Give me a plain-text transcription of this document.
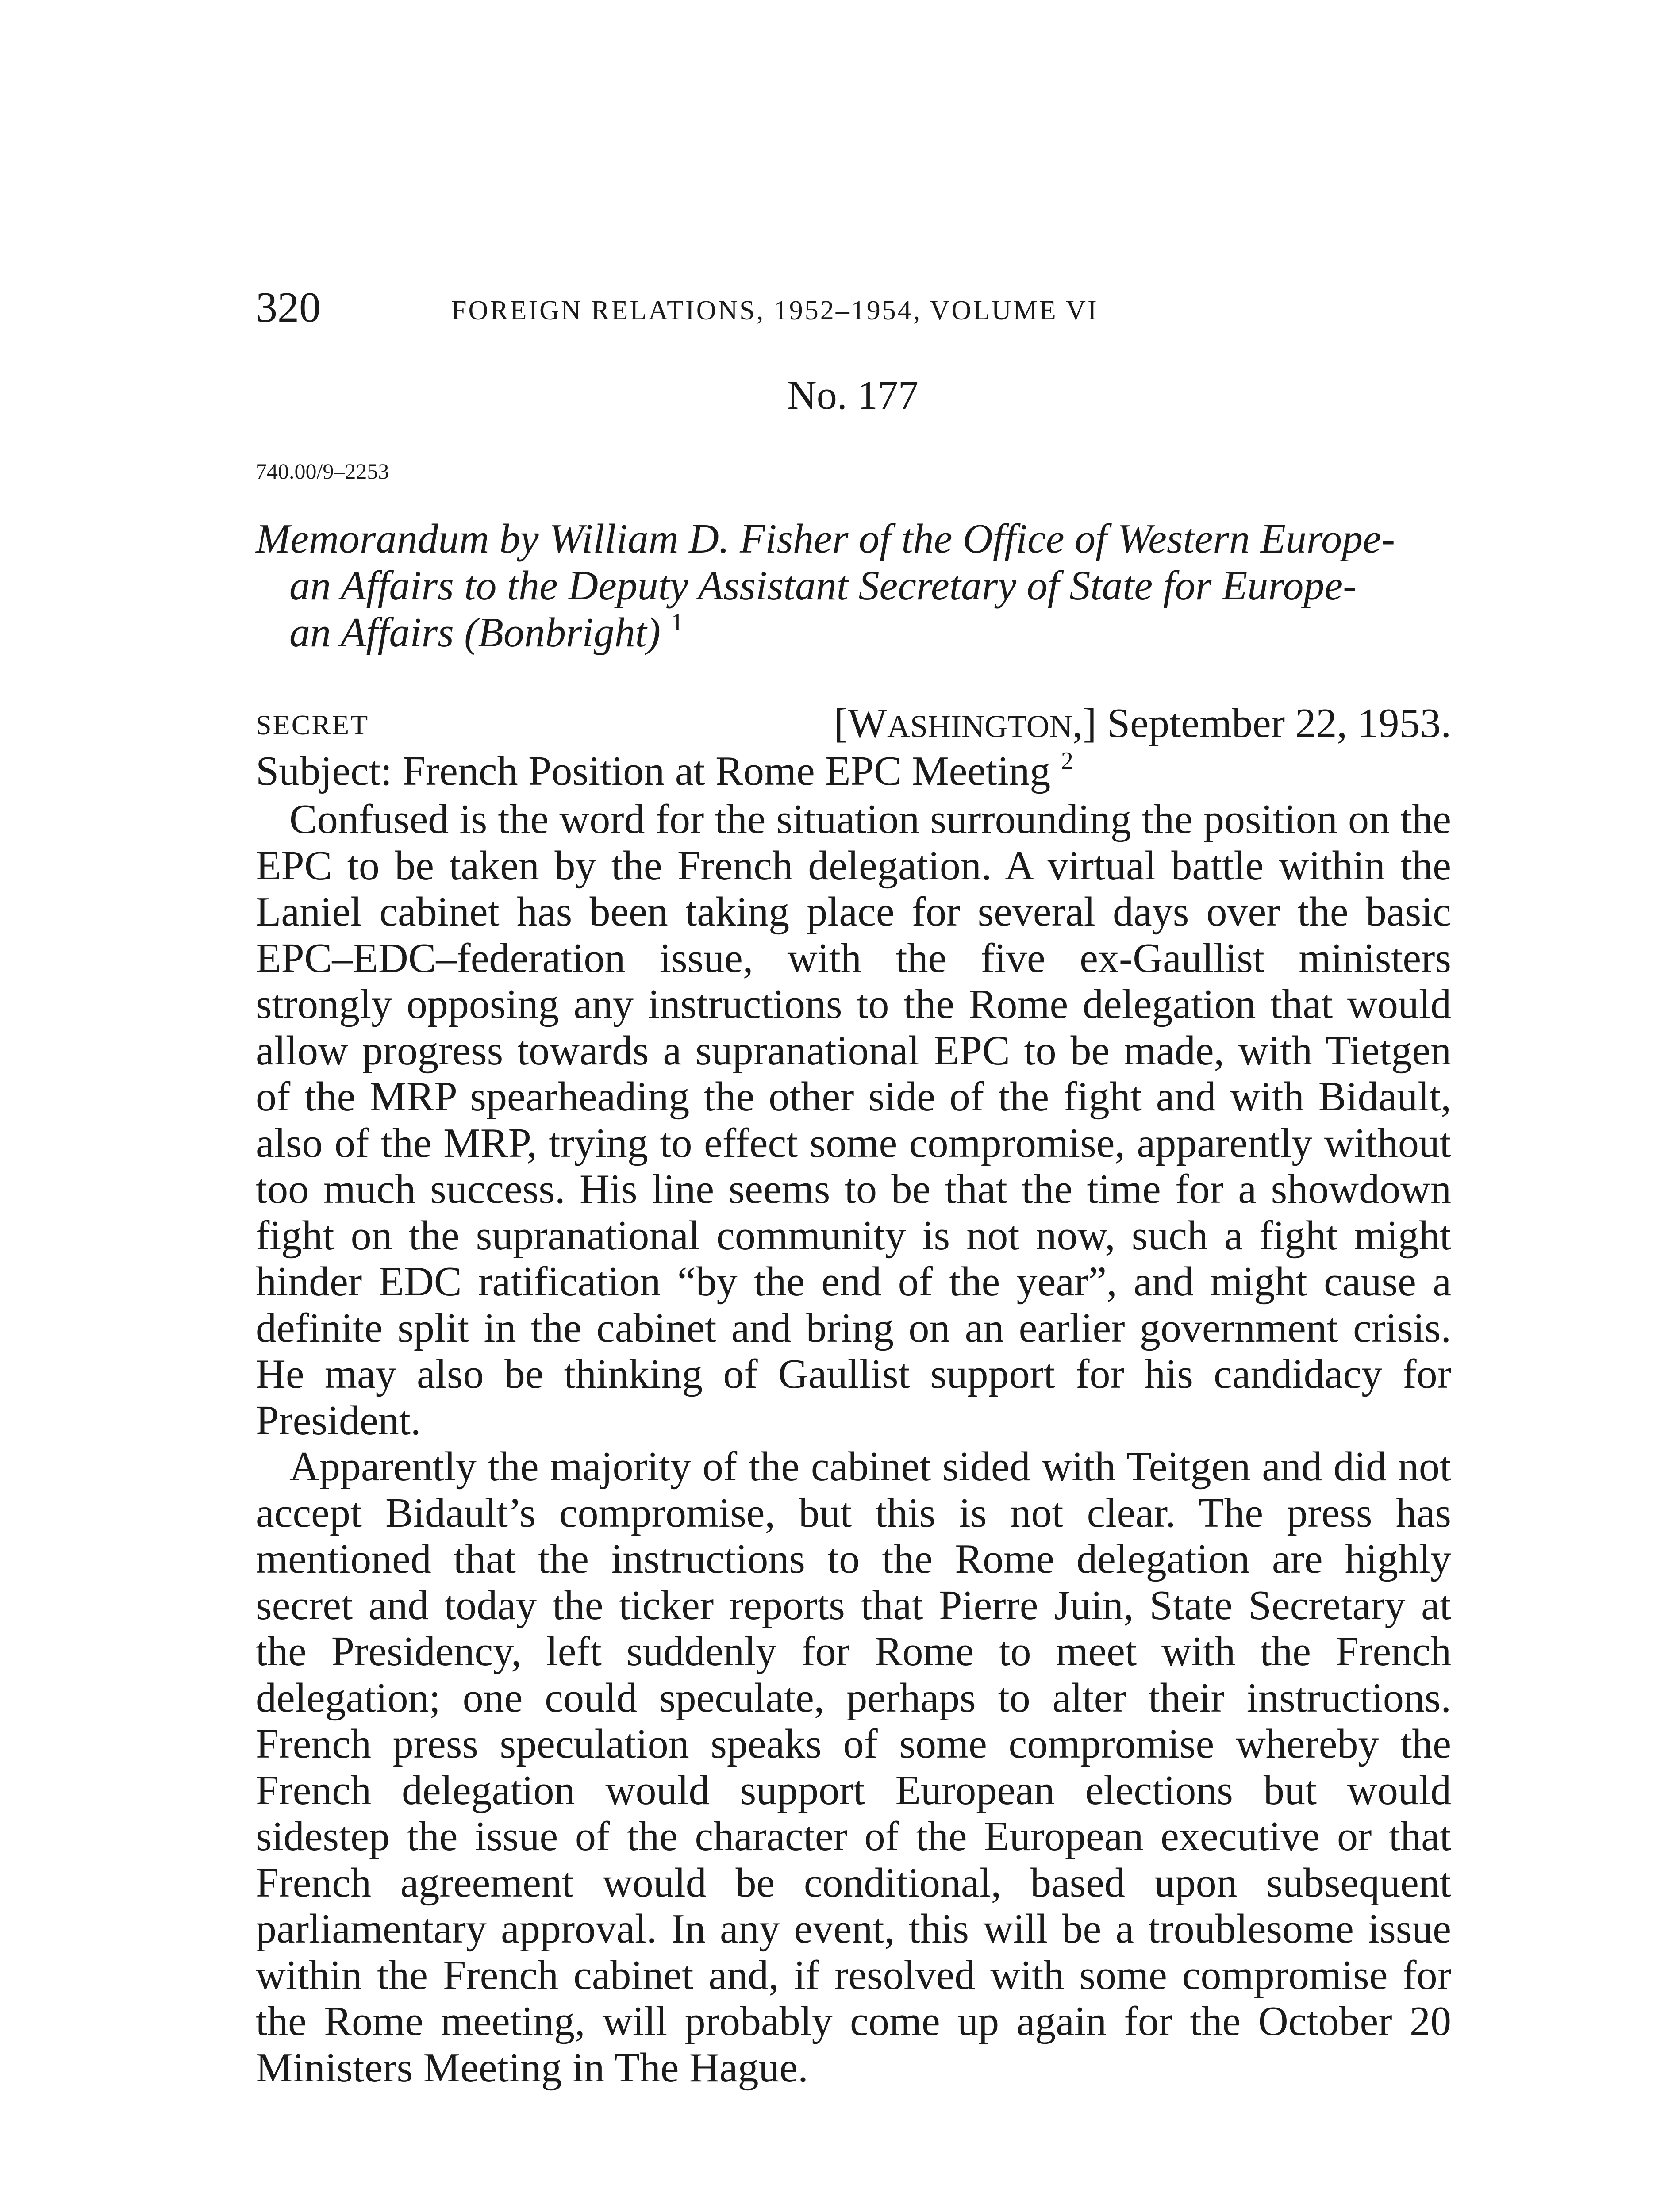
320	FOREIGN RELATIONS, 1952–1954, VOLUME VI
No. 177
740.00/9–2253
Memorandum by William D. Fisher of the Office of Western Europe-
an Affairs to the Deputy Assistant Secretary of State for Europe-
an Affairs (Bonbright) $^1$
SECRET	[WASHINGTON,] September 22, 1953.
Subject: French Position at Rome EPC Meeting $^2$

Confused is the word for the situation surrounding the position on the EPC to be taken by the French delegation. A virtual battle within the Laniel cabinet has been taking place for several days over the basic EPC–EDC–federation issue, with the five ex-Gaullist ministers strongly opposing any instructions to the Rome delegation that would allow progress towards a supranational EPC to be made, with Tietgen of the MRP spearheading the other side of the fight and with Bidault, also of the MRP, trying to effect some compromise, apparently without too much success. His line seems to be that the time for a showdown fight on the supranational community is not now, such a fight might hinder EDC ratification “by the end of the year”, and might cause a definite split in the cabinet and bring on an earlier government crisis. He may also be thinking of Gaullist support for his candidacy for President.

Apparently the majority of the cabinet sided with Teitgen and did not accept Bidault’s compromise, but this is not clear. The press has mentioned that the instructions to the Rome delegation are highly secret and today the ticker reports that Pierre Juin, State Secretary at the Presidency, left suddenly for Rome to meet with the French delegation; one could speculate, perhaps to alter their instructions. French press speculation speaks of some compromise whereby the French delegation would support European elections but would sidestep the issue of the character of the European executive or that French agreement would be conditional, based upon subsequent parliamentary approval. In any event, this will be a troublesome issue within the French cabinet and, if resolved with some compromise for the Rome meeting, will probably come up again for the October 20 Ministers Meeting in The Hague.
